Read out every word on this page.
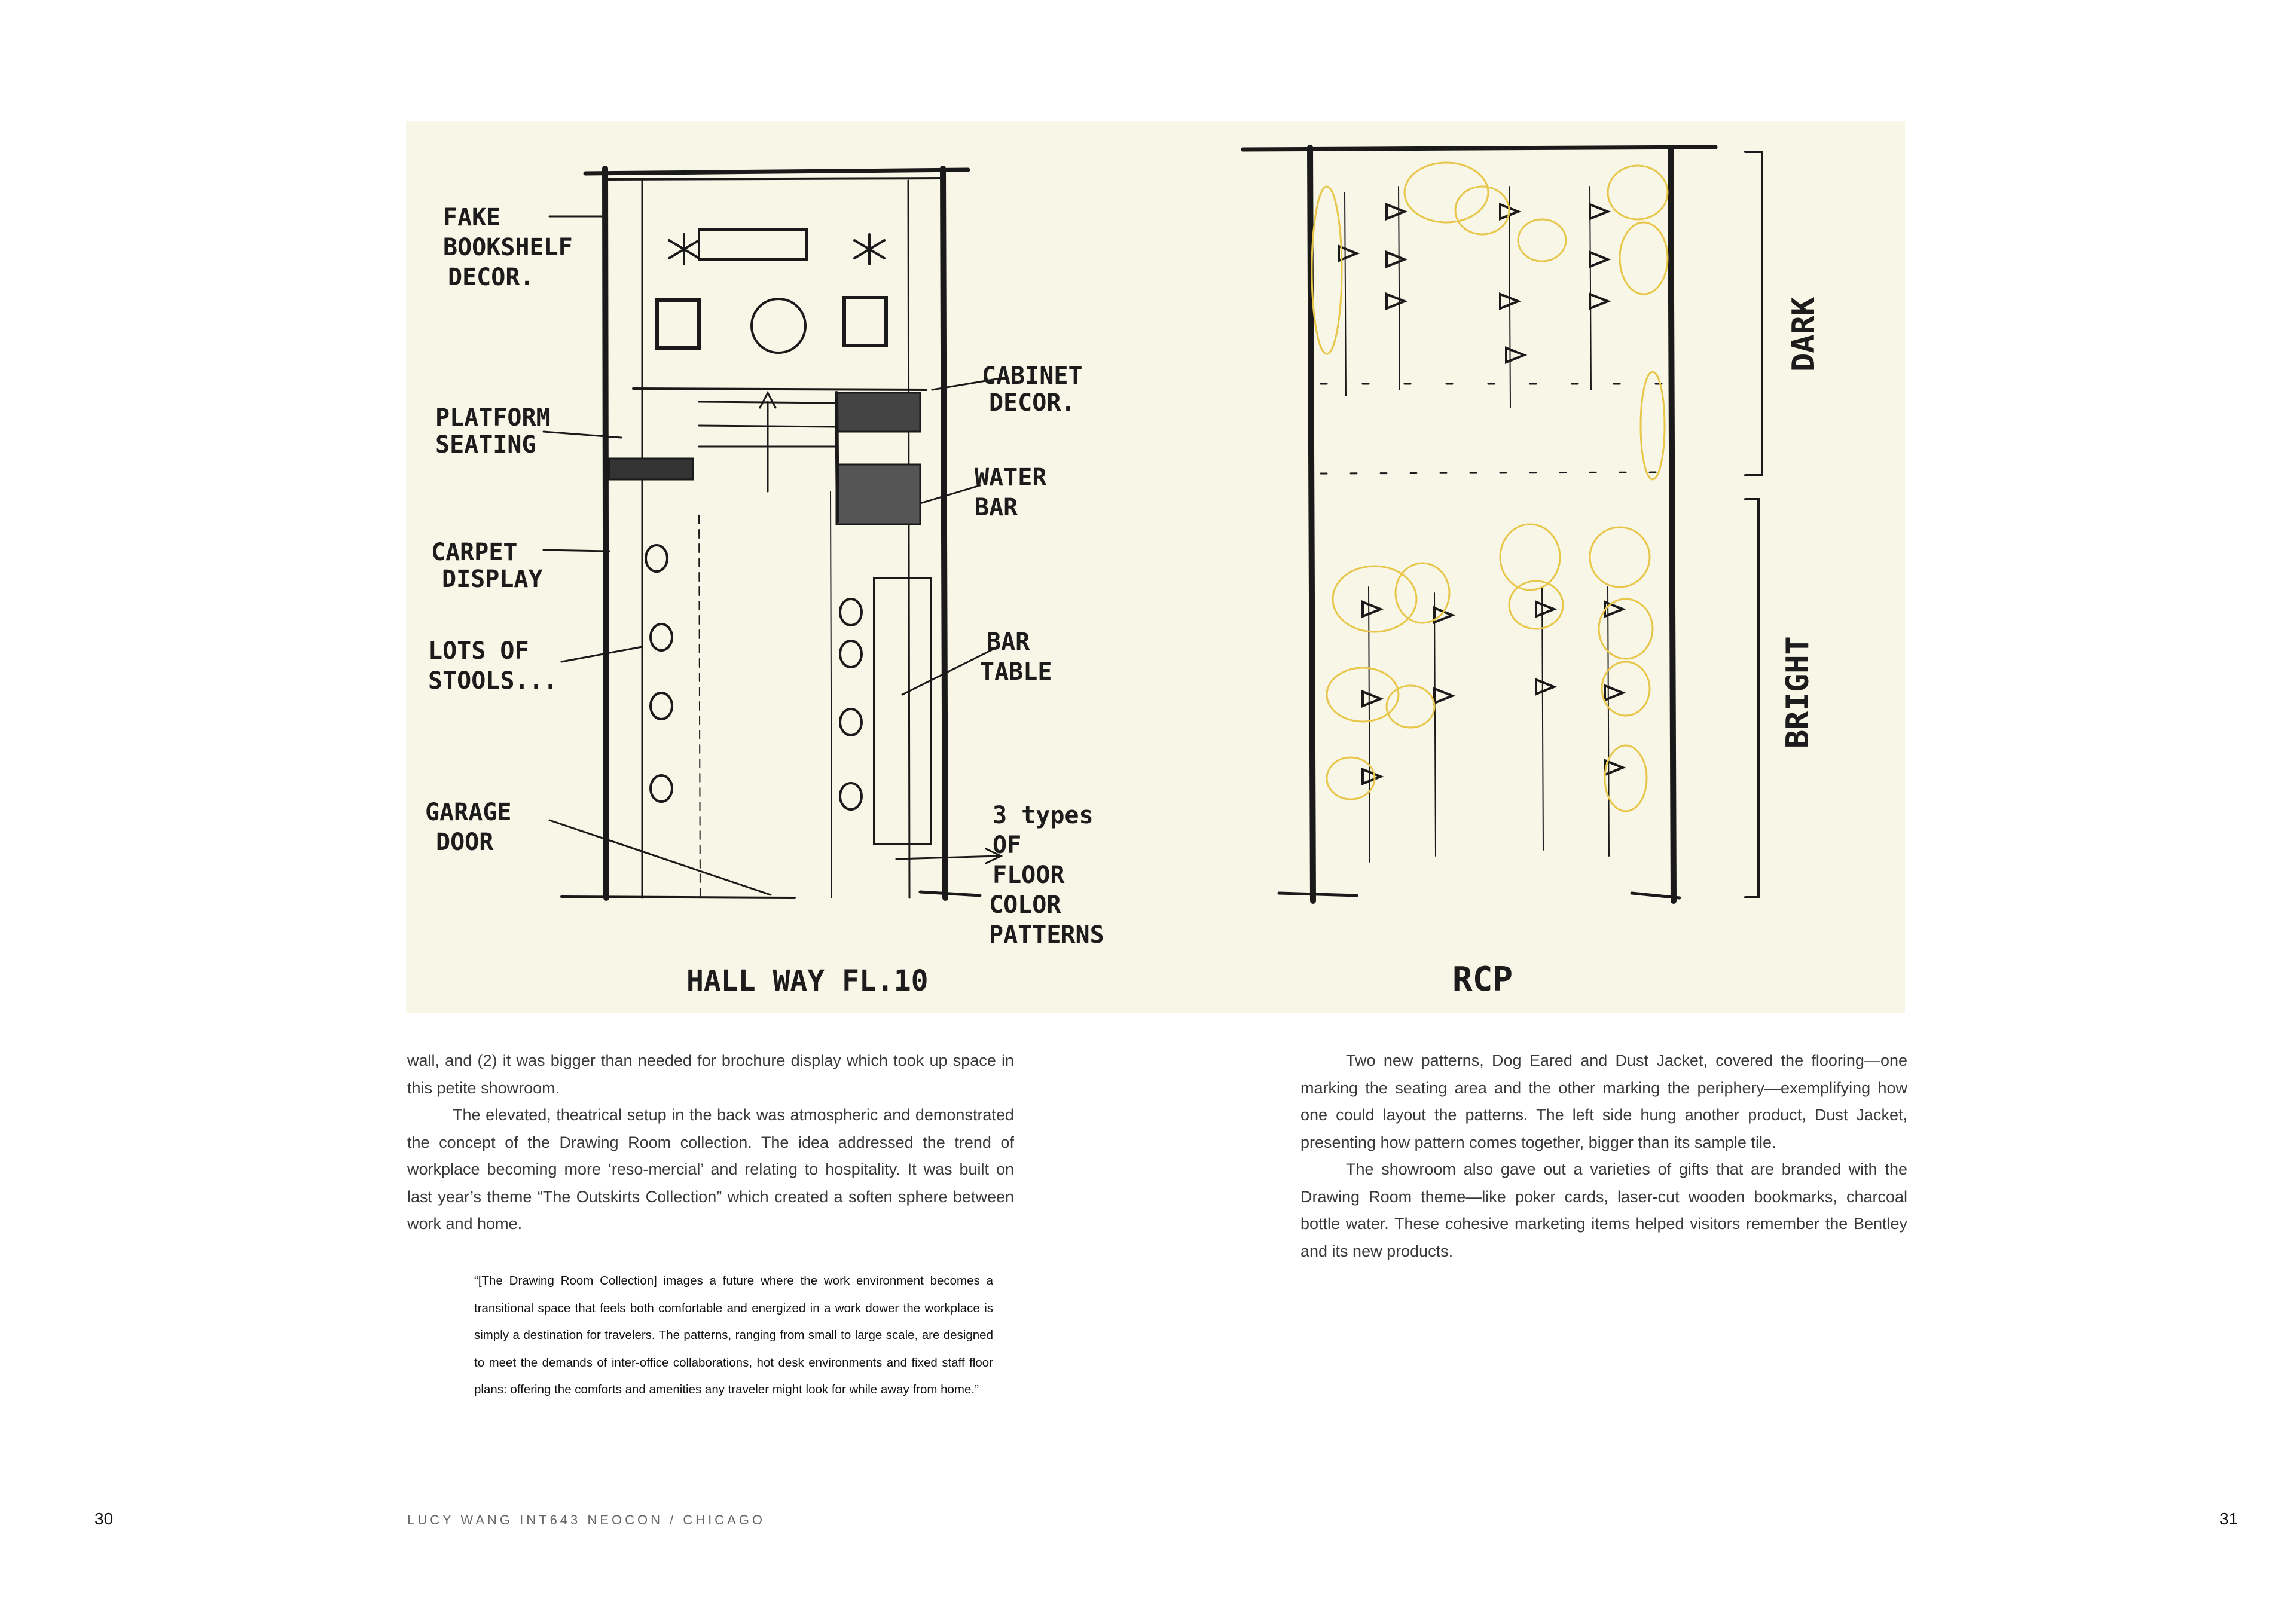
FAKE
BOOKSHELF
DECOR.
PLATFORM
SEATING
CARPET
DISPLAY
LOTS OF
STOOLS...
GARAGE
DOOR
CABINET
DECOR.
WATER
BAR
BAR
TABLE
3 types
OF
FLOOR
COLOR
PATTERNS
HALL WAY FL.10	RCP
DARK
BRIGHT

wall, and (2) it was bigger than needed for brochure display which took up space in this petite showroom.

The elevated, theatrical setup in the back was atmospheric and demonstrated the concept of the Drawing Room collection. The idea addressed the trend of workplace becoming more ‘reso-mercial’ and relating to hospitality. It was built on last year’s theme “The Outskirts Collection” which created a soften sphere between work and home.

“[The Drawing Room Collection] images a future where the work environment becomes a transitional space that feels both comfortable and energized in a work dower the workplace is simply a destination for travelers. The patterns, ranging from small to large scale, are designed to meet the demands of inter-office collaborations, hot desk environments and fixed staff floor plans: offering the comforts and amenities any traveler might look for while away from home.”

Two new patterns, Dog Eared and Dust Jacket, covered the flooring—one marking the seating area and the other marking the periphery—exemplifying how one could layout the patterns. The left side hung another product, Dust Jacket, presenting how pattern comes together, bigger than its sample tile.

The showroom also gave out a varieties of gifts that are branded with the Drawing Room theme—like poker cards, laser-cut wooden bookmarks, charcoal bottle water. These cohesive marketing items helped visitors remember the Bentley and its new products.

30	LUCY WANG INT643 NEOCON / CHICAGO	31
